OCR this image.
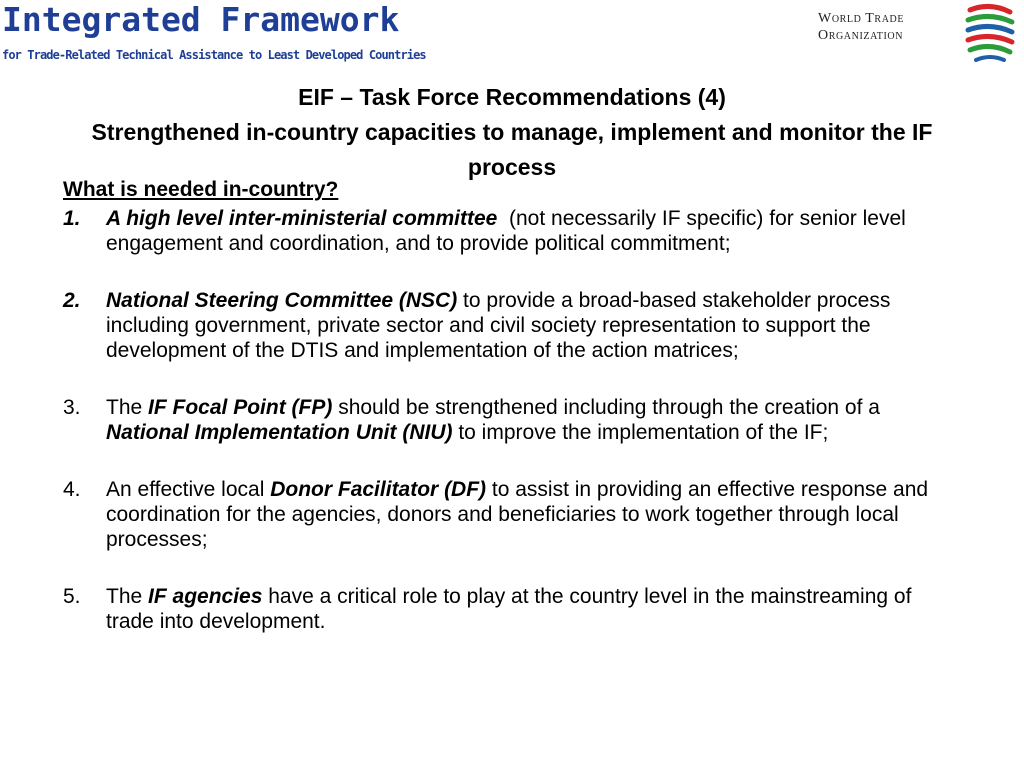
Integrated Framework
for Trade-Related Technical Assistance to Least Developed Countries
World Trade
Organization
EIF – Task Force Recommendations (4)
Strengthened in-country capacities to manage, implement and monitor the IF process
What is needed in-country?
1. A high level inter-ministerial committee  (not necessarily IF specific) for senior level engagement and coordination, and to provide political commitment;
2. National Steering Committee (NSC) to provide a broad-based stakeholder process including government, private sector and civil society representation to support the development of the DTIS and implementation of the action matrices;
3. The IF Focal Point (FP) should be strengthened including through the creation of a National Implementation Unit (NIU) to improve the implementation of the IF;
4. An effective local Donor Facilitator (DF) to assist in providing an effective response and coordination for the agencies, donors and beneficiaries to work together through local processes;
5. The IF agencies have a critical role to play at the country level in the mainstreaming of trade into development.
